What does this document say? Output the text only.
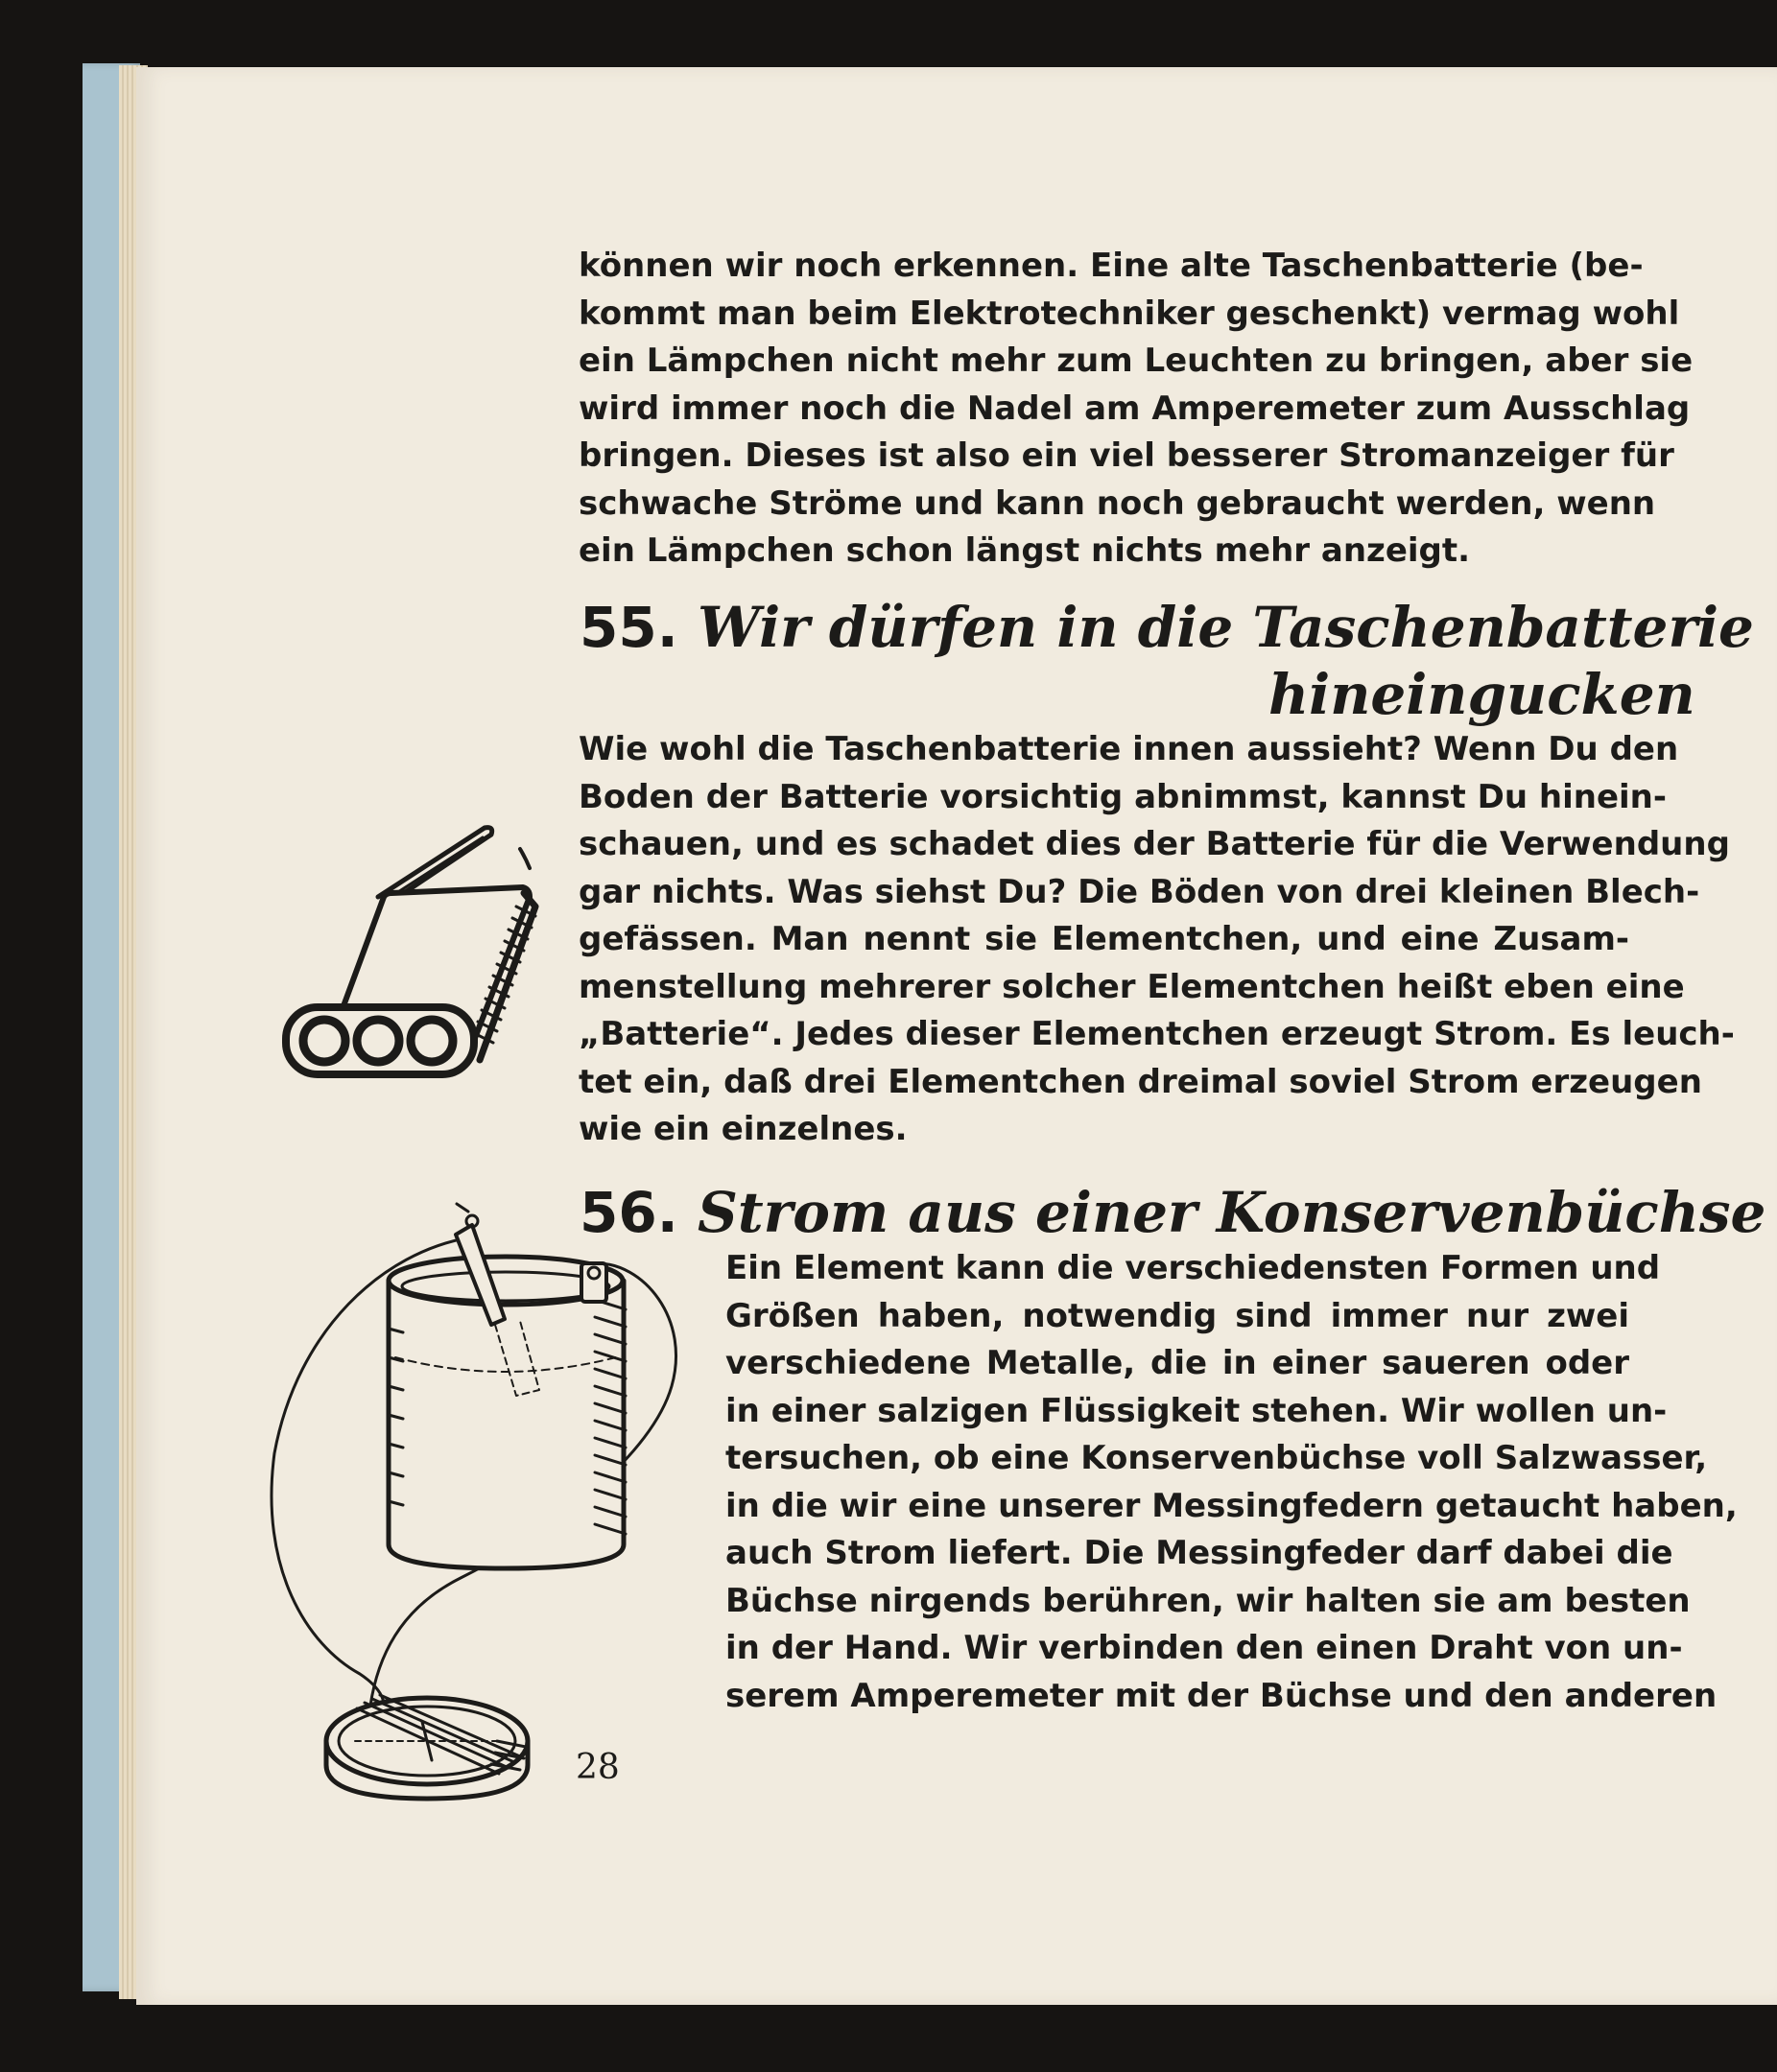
können wir noch erkennen. Eine alte Taschenbatterie (be-
kommt man beim Elektrotechniker geschenkt) vermag wohl
ein Lämpchen nicht mehr zum Leuchten zu bringen, aber sie
wird immer noch die Nadel am Amperemeter zum Ausschlag
bringen. Dieses ist also ein viel besserer Stromanzeiger für
schwache Ströme und kann noch gebraucht werden, wenn
ein Lämpchen schon längst nichts mehr anzeigt.
55. Wir dürfen in die Taschenbatterie
hineingucken
Wie wohl die Taschenbatterie innen aussieht? Wenn Du den
Boden der Batterie vorsichtig abnimmst, kannst Du hinein-
schauen, und es schadet dies der Batterie für die Verwendung
gar nichts. Was siehst Du? Die Böden von drei kleinen Blech-
gefässen. Man nennt sie Elementchen, und eine Zusam-
menstellung mehrerer solcher Elementchen heißt eben eine
„Batterie“. Jedes dieser Elementchen erzeugt Strom. Es leuch-
tet ein, daß drei Elementchen dreimal soviel Strom erzeugen
wie ein einzelnes.
56. Strom aus einer Konservenbüchse
Ein Element kann die verschiedensten Formen und
Größen haben, notwendig sind immer nur zwei
verschiedene Metalle, die in einer saueren oder
in einer salzigen Flüssigkeit stehen. Wir wollen un-
tersuchen, ob eine Konservenbüchse voll Salzwasser,
in die wir eine unserer Messingfedern getaucht haben,
auch Strom liefert. Die Messingfeder darf dabei die
Büchse nirgends berühren, wir halten sie am besten
in der Hand. Wir verbinden den einen Draht von un-
serem Amperemeter mit der Büchse und den anderen
28
